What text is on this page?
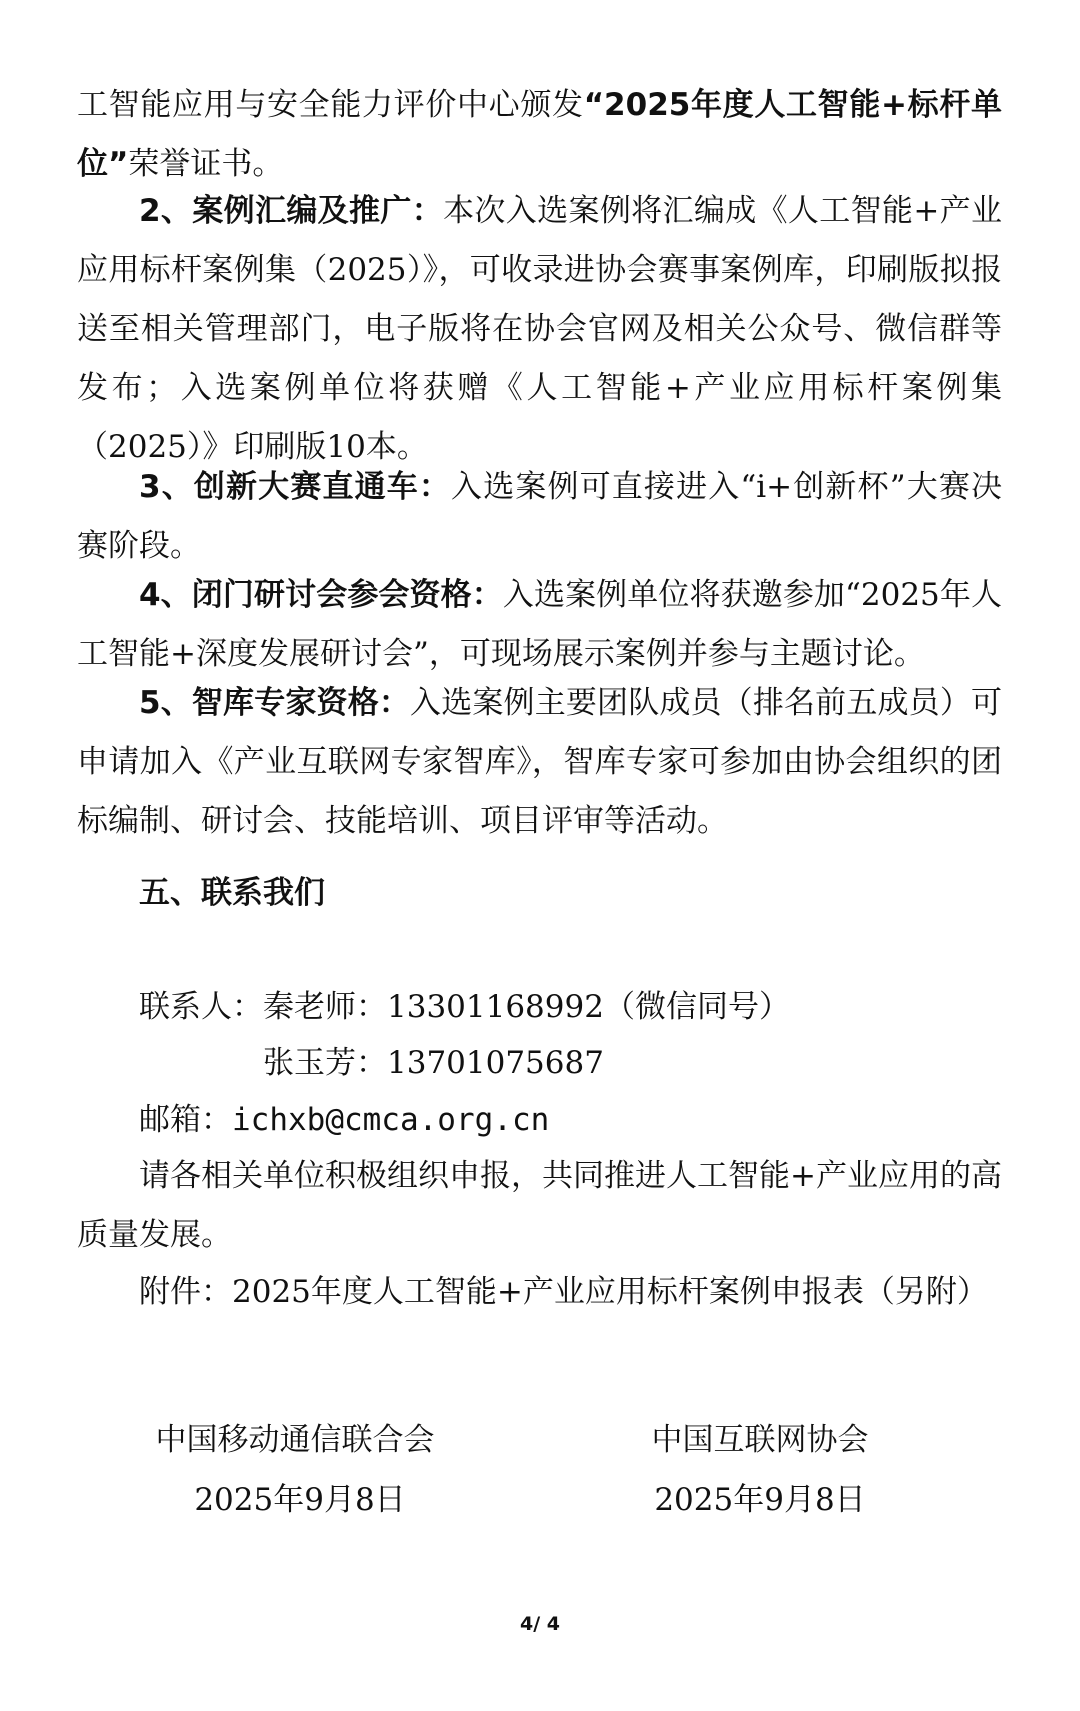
工智能应用与安全能力评价中心颁发“2025年度人工智能+标杆单位”荣誉证书。

2、案例汇编及推广：本次入选案例将汇编成《人工智能+产业应用标杆案例集（2025）》，可收录进协会赛事案例库，印刷版拟报送至相关管理部门，电子版将在协会官网及相关公众号、微信群等发布；入选案例单位将获赠《人工智能+产业应用标杆案例集（2025）》印刷版10本。

3、创新大赛直通车：入选案例可直接进入“i+创新杯”大赛决赛阶段。

4、闭门研讨会参会资格：入选案例单位将获邀参加“2025年人工智能+深度发展研讨会”，可现场展示案例并参与主题讨论。

5、智库专家资格：入选案例主要团队成员（排名前五成员）可申请加入《产业互联网专家智库》，智库专家可参加由协会组织的团标编制、研讨会、技能培训、项目评审等活动。

五、联系我们

联系人：秦老师：13301168992（微信同号）

张玉芳：13701075687

邮箱：ichxb@cmca.org.cn

请各相关单位积极组织申报，共同推进人工智能+产业应用的高质量发展。

附件：2025年度人工智能+产业应用标杆案例申报表（另附）

中国移动通信联合会
2025年9月8日
中国互联网协会
2025年9月8日
4/ 4
